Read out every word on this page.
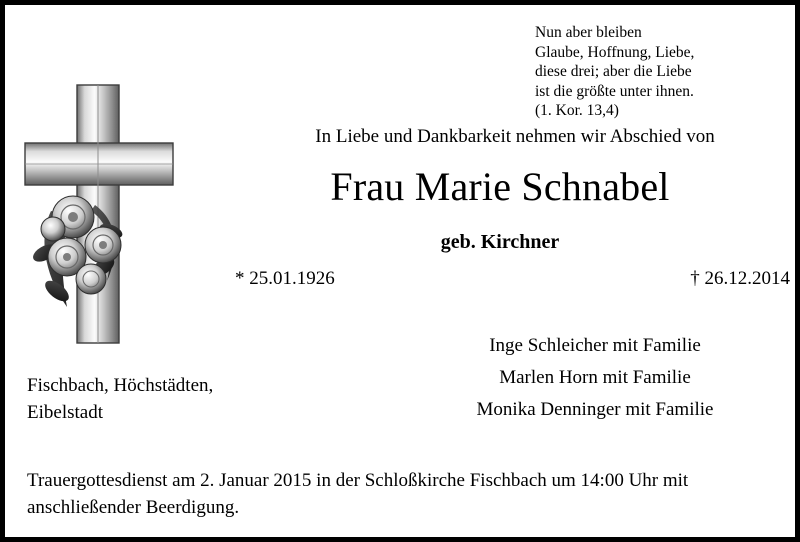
Nun aber bleiben
Glaube, Hoffnung, Liebe,
diese drei; aber die Liebe
ist die größte unter ihnen.
(1. Kor. 13,4)
In Liebe und Dankbarkeit nehmen wir Abschied von
Frau Marie Schnabel
geb. Kirchner
* 25.01.1926	† 26.12.2014
Inge Schleicher mit Familie
Marlen Horn mit Familie
Monika Denninger mit Familie
Fischbach, Höchstädten,
Eibelstadt
Trauergottesdienst am 2. Januar 2015 in der Schloßkirche Fischbach um 14:00 Uhr mit
anschließender Beerdigung.
